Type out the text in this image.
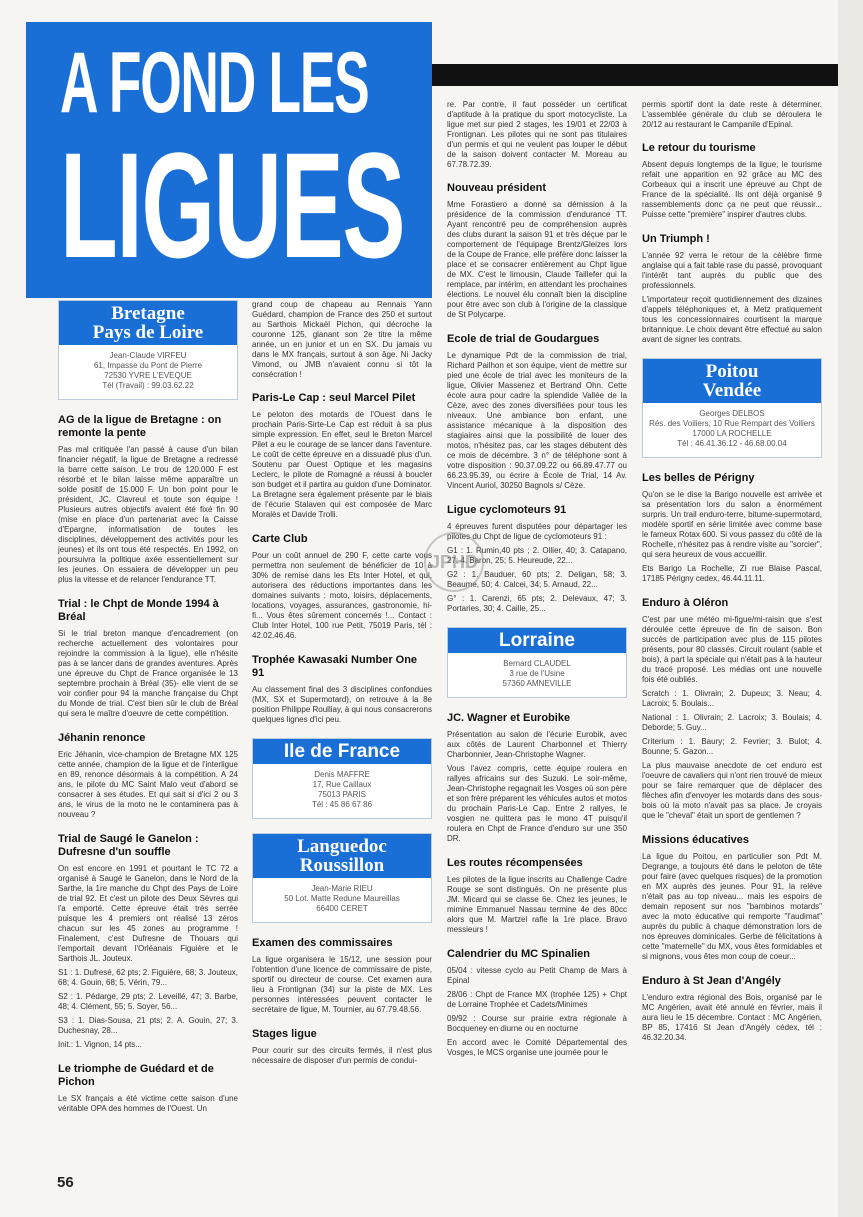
A FOND LES
LIGUES
Bretagne
Pays de Loire
Jean-Claude VIRFEU
61, Impasse du Pont de Pierre
72530 YVRE L'EVEQUE
Tél (Travail) : 99.03.62.22
AG de la ligue de Bretagne : on remonte la pente

Pas mal critiquée l'an passé à cause d'un bilan financier négatif, la ligue de Bretagne a redressé la barre cette saison. Le trou de 120.000 F est résorbé et le bilan laisse même apparaître un solde positif de 15.000 F. Un bon point pour le président, JC. Clavreul et toute son équipe ! Plusieurs autres objectifs avaient été fixé fin 90 (mise en place d'un partenariat avec la Caisse d'Epargne, informatisation de toutes les disciplines, développement des activités pour les jeunes) et ils ont tous été respectés. En 1992, on poursuivra la politique axée essentiellement sur les jeunes. On essaiera de développer un peu plus la vitesse et de relancer l'endurance TT.

Trial : le Chpt de Monde 1994 à Bréal

Si le trial breton manque d'encadrement (on recherche actuellement des volontaires pour rejoindre la commission à la ligue), elle n'hésite pas à se lancer dans de grandes aventures. Après une épreuve du Chpt de France organisée le 13 septembre prochain à Bréal (35)- elle vient de se voir confier pour 94 la manche française du Chpt du Monde de trial. C'est bien sûr le club de Bréal qui sera le maître d'oeuvre de cette compétition.

Jéhanin renonce

Eric Jéhanin, vice-champion de Bretagne MX 125 cette année, champion de la ligue et de l'interligue en 89, renonce désormais à la compétition. A 24 ans, le pilote du MC Saint Malo veut d'abord se consacrer à ses études. Et qui sait si d'ici 2 ou 3 ans, le virus de la moto ne le contaminera pas à nouveau ?

Trial de Saugé le Ganelon : Dufresne d'un souffle

On est encore en 1991 et pourtant le TC 72 a organisé à Saugé le Ganelon, dans le Nord de la Sarthe, la 1re manche du Chpt des Pays de Loire de trial 92. Et c'est un pilote des Deux Sèvres qui l'a emporté. Cette épreuve était très serrée puisque les 4 premiers ont réalisé 13 zéros chacun sur les 45 zones au programme ! Finalement, c'est Dufresne de Thouars qui l'emportait devant l'Orléanais Figuière et le Sarthois JL. Jouteux.

S1 : 1. Dufresé, 62 pts; 2. Figuière, 68; 3. Jouteux, 68; 4. Gouin, 68; 5. Vérin, 79...

S2 : 1. Pédarge, 29 pts; 2. Leveillé, 47; 3. Barbe, 48; 4. Clément, 55; 5. Soyer, 56...

S3 : 1. Dias-Sousa, 21 pts; 2. A. Gouin, 27; 3. Duchesnay, 28...

Init.: 1. Vignon, 14 pts...

Le triomphe de Guédard et de Pichon

Le SX français a été victime cette saison d'une véritable OPA des hommes de l'Ouest. Un

grand coup de chapeau au Rennais Yann Guédard, champion de France des 250 et surtout au Sarthois Mickaël Pichon, qui décroche la couronne 125, glanant son 2e titre la même année, un en junior et un en SX. Du jamais vu dans le MX français, surtout à son âge. Ni Jacky Vimond, ou JMB n'avaient connu si tôt la consécration !

Paris-Le Cap : seul Marcel Pilet

Le peloton des motards de l'Ouest dans le prochain Paris-Sirte-Le Cap est réduit à sa plus simple expression. En effet, seul le Breton Marcel Pilet a eu le courage de se lancer dans l'aventure. Le coût de cette épreuve en a dissuadé plus d'un. Soutenu par Ouest Optique et les magasins Leclerc, le pilote de Romagné a réussi à boucler son budget et il partira au guidon d'une Dominator. La Bretagne sera également présente par le biais de l'écurie Stalaven qui est composée de Marc Moralès et Davide Trolli.

Carte Club

Pour un coût annuel de 290 F, cette carte vous permettra non seulement de bénéficier de 10 à 30% de remise dans les Ets Inter Hotel, et qui, autorisera des réductions importantes dans les domaines suivants : moto, loisirs, déplacements, locations, voyages, assurances, gastronomie, hi-fi... Vous êtes sûrement concernés !... Contact : Club Inter Hotel, 100 rue Petit, 75019 Paris, tél : 42.02.46.46.

Trophée Kawasaki Number One 91

Au classement final des 3 disciplines confondues (MX, SX et Supermotard), on retrouve à la 8e position Philippe Roulliay, à qui nous consacrerons quelques lignes d'ici peu.

Ile de France
Denis MAFFRE
17, Rue Caillaux
75013 PARIS
Tél : 45 86 67 86
Languedoc
Roussillon
Jean-Marie RIEU
50 Lot. Matte Redune Maureillas
66400 CERET
Examen des commissaires

La ligue organisera le 15/12, une session pour l'obtention d'une licence de commissaire de piste, sportif ou directeur de course. Cet examen aura lieu à Frontignan (34) sur la piste de MX. Les personnes intéressées peuvent contacter le secrétaire de ligue, M. Tournier, au 67.79.48.56.

Stages ligue

Pour courir sur des circuits fermés, il n'est plus nécessaire de disposer d'un permis de condui-

re. Par contre, il faut posséder un certificat d'aptitude à la pratique du sport motocycliste. La ligue met sur pied 2 stages, les 19/01 et 22/03 à Frontignan. Les pilotes qui ne sont pas titulaires d'un permis et qui ne veulent pas louper le début de la saison doivent contacter M. Moreau au 67.78.72.39.

Nouveau président

Mme Forastiero a donné sa démission à la présidence de la commission d'endurance TT. Ayant rencontré peu de compréhension auprès des clubs durant la saison 91 et très déçue par le comportement de l'équipage Brentz/Gleizes lors de la Coupe de France, elle préfère donc laisser la place et se consacrer entièrement au Chpt ligue de MX. C'est le limousin, Claude Taillefer qui la remplace, par intérim, en attendant les prochaines élections. Le nouvel élu connaît bien la discipline pour être avec son club à l'origine de la classique de St Polycarpe.

Ecole de trial de Goudargues

Le dynamique Pdt de la commission de trial, Richard Pailhon et son équipe, vient de mettre sur pied une école de trial avec les moniteurs de la ligue, Olivier Massenez et Bertrand Ohn. Cette école aura pour cadre la splendide Vallée de la Cèze, avec des zones diversifiées pour tous les niveaux. Une ambiance bon enfant, une assistance mécanique à la disposition des stagiaires ainsi que la possibilité de louer des motos, n'hésitez pas, car les stages débutent dès ce mois de décembre. 3 n° de téléphone sont à votre disposition : 90.37.09.22 ou 66.89.47.77 ou 66.23.95.39, ou écrire à École de Trial, 14 Av. Vincent Auriol, 30250 Bagnols s/ Cèze.

Ligue cyclomoteurs 91

4 épreuves furent disputées pour départager les pilotes du Chpt de ligue de cyclomoteurs 91 :

G1 : 1. Rumin,40 pts ; 2. Ollier, 40; 3. Catapano, 27; 4. Baron, 25; 5. Heureude, 22...

G2 : 1. Bauduer, 60 pts; 2. Deligan, 58; 3. Beaume, 50; 4. Calcei, 34; 5. Arnaud, 22...

G° : 1. Carenzi, 65 pts; 2. Delevaux, 47; 3. Portaries, 30; 4. Caille, 25...

Lorraine
Bernard CLAUDEL
3 rue de l'Usine
57360 AMNEVILLE
JC. Wagner et Eurobike

Présentation au salon de l'écurie Eurobik, avec aux côtés de Laurent Charbonnel et Thierry Charbonnier, Jean-Christophe Wagner.

Vous l'avez compris, cette équipe roulera en rallyes africains sur des Suzuki. Le soir-même, Jean-Christophe regagnait les Vosges où son père et son frère préparent les véhicules autos et motos du prochain Paris-Le Cap. Entre 2 rallyes, le vosgien ne quittera pas le mono 4T puisqu'il roulera en Chpt de France d'enduro sur une 350 DR.

Les routes récompensées

Les pilotes de la ligue inscrits au Challenge Cadre Rouge se sont distingués. On ne présente plus JM. Micard qui se classe 6e. Chez les jeunes, le mimine Emmanuel Nassau termine 4e des 80cc alors que M. Martzel rafle la 1re place. Bravo messieurs !

Calendrier du MC Spinalien

05/04 : vitesse cyclo au Petit Champ de Mars à Epinal

28/06 : Chpt de France MX (trophée 125) + Chpt de Lorraine Trophée et Cadets/Minimes

09/92 : Course sur prairie extra régionale à Bocqueney en diurne ou en nocturne

En accord avec le Comité Départemental des Vosges, le MCS organise une journée pour le

permis sportif dont la date reste à déterminer. L'assemblée générale du club se déroulera le 20/12 au restaurant le Campanile d'Epinal.

Le retour du tourisme

Absent depuis longtemps de la ligue, le tourisme refait une apparition en 92 grâce au MC des Corbeaux qui a inscrit une épreuve au Chpt de France de la spécialité. Ils ont déjà organisé 9 rassemblements donc ça ne peut que réussir... Puisse cette "première" inspirer d'autres clubs.

Un Triumph !

L'année 92 verra le retour de la célèbre firme anglaise qui a fait table rase du passé, provoquant l'intérêt tant auprès du public que des professionnels.

L'importateur reçoit quotidiennement des dizaines d'appels téléphoniques et, à Metz pratiquement tous les concessionnaires courtisent la marque britannique. Le choix devant être effectué au salon avant de signer les contrats.

Poitou
Vendée
Georges DELBOS
Rés. des Voiliers, 10 Rue Rempart des Voiliers
17000 LA ROCHELLE
Tél : 46.41.36.12 - 46.68.00.04
Les belles de Périgny

Qu'on se le dise la Barigo nouvelle est arrivée et sa présentation lors du salon a énormément surpris. Un trail enduro-terre, bitume-supermotard, modèle sportif en série limitée avec comme base le fameux Rotax 600. Si vous passez du côté de la Rochelle, n'hésitez pas à rendre visite au "sorcier", qui sera heureux de vous accueillir.

Ets Barigo La Rochelle, ZI rue Blaise Pascal, 17185 Périgny cedex, 46.44.11.11.

Enduro à Oléron

C'est par une météo mi-figue/mi-raisin que s'est déroulée cette épreuve de fin de saison. Bon succès de participation avec plus de 115 pilotes présents, pour 80 classés. Circuit roulant (sable et bois), à part la spéciale qui n'était pas à la hauteur du tracé proposé. Les médias ont une nouvelle fois été oubliés.

Scratch : 1. Olivrain; 2. Dupeux; 3. Neau; 4. Lacroix; 5. Boulais...

National : 1. Olivrain; 2. Lacroix; 3. Boulais; 4. Deborde; 5. Guy...

Criterium : 1. Baury; 2. Fevrier; 3. Bulot; 4. Bounne; 5. Gazon...

La plus mauvaise anecdote de cet enduro est l'oeuvre de cavaliers qui n'ont rien trouvé de mieux pour se faire remarquer que de déplacer des flèches afin d'envoyer les motards dans des sous-bois où la moto n'avait pas sa place. Je croyais que le "cheval" était un sport de gentlemen ?

Missions éducatives

La ligue du Poitou, en particulier son Pdt M. Degrange, a toujours été dans le peloton de tête pour faire (avec quelques risques) de la promotion en MX auprès des jeunes. Pour 91, la relève n'était pas au top niveau... mais les espoirs de demain reposent sur nos "bambinos motards" avec la moto éducative qui remporte "l'audimat" auprès du public à chaque démonstration lors de nos épreuves dominicales. Gerbe de félicitations à cette "maternelle" du MX, vous êtes formidables et si mignons, vous êtes mon coup de coeur...

Enduro à St Jean d'Angély

L'enduro extra régional des Bois, organisé par le MC Angérien, avait été annulé en février, mais il aura lieu le 15 décembre. Contact : MC Angérien, BP 85, 17416 St Jean d'Angély cédex, tél : 46.32.20.34.

JPHD
56
